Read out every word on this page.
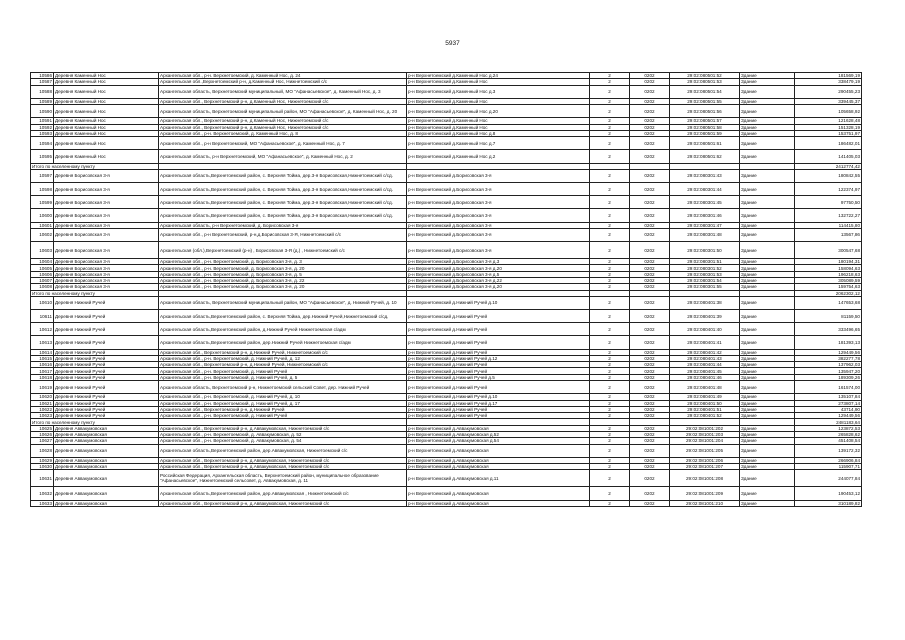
5937
10586	Деревня Каменный Нос	Архангельская обл., р-н. Верхнетоемский, д. Каменный Нос, д. 24	р-н Верхнетоемский д.Каменный Нос д.24	2	0202	29:02:080501:52	Здание	181569,19
10587	Деревня Каменный Нос	Архангельская обл.,Верхнетоемский р-н, д.Каменный Нос, Нижнетоемский с/с	р-н Верхнетоемский д.Каменный Нос	2	0202	29:02:080501:53	Здание	338479,19
10588	Деревня Каменный Нос	Архангельская область, Верхнетоемский муниципальный, МО "Афанасьевское", д. Каменный Нос, д. 3	р-н Верхнетоемский д.Каменный Нос д.3	2	0202	29:02:080501:54	Здание	290455,23
10589	Деревня Каменный Нос	Архангельская обл., Верхнетоемский р-н, д.Каменный Нос, Нижнетоемский с/с	р-н Верхнетоемский д.Каменный Нос	2	0202	29:02:080501:55	Здание	339445,37
10590	Деревня Каменный Нос	Архангельская область, Верхнетоемский муниципальный район, МО "Афанасьевское", д. Каменный Нос, д. 20	р-н Верхнетоемский д.Каменный Нос д.20	2	0202	29:02:080501:56	Здание	105658,92
10591	Деревня Каменный Нос	Архангельская обл., Верхнетоемский р-н, д.Каменный Нос, Нижнетоемский с/с	р-н Верхнетоемский д.Каменный Нос	2	0202	29:02:080501:57	Здание	121628,48
10592	Деревня Каменный Нос	Архангельская обл., Верхнетоемский р-н, д.Каменный Нос, Нижнетоемский с/с	р-н Верхнетоемский д.Каменный Нос	2	0202	29:02:080501:58	Здание	151328,19
10593	Деревня Каменный Нос	Архангельская обл., р-н. Верхнетоемский, д. Каменный Нос, д. 8	р-н Верхнетоемский д.Каменный Нос д.8	2	0202	29:02:080501:59	Здание	153751,97
10594	Деревня Каменный Нос	Архангельская обл., р-н Верхнетоемский, МО "Афанасьевское", д. Каменный Нос, д. 7	р-н Верхнетоемский д.Каменный Нос д.7	2	0202	29:02:080501:61	Здание	186482,01
10595	Деревня Каменный Нос	Архангельская область, р-н Верхнетоемский, МО "Афанасьевское", д. Каменный Нос, д. 2	р-н Верхнетоемский д.Каменный Нос д.2	2	0202	29:02:080501:62	Здание	141405,03
Итого по населенному пункту								2412774,42
10597	Деревня Борисовская 3-я	Архангельская область,Верхнетоемский район, с. Верхняя Тойма, дер.3-я Борисовская,Нижнетоемский с/сд.	р-н Верхнетоемский д.Борисовская 3-я	2	0202	29:02:080301:43	Здание	180842,55
10598	Деревня Борисовская 3-я	Архангельская область,Верхнетоемский район, с. Верхняя Тойма, дер.3-я Борисовская,Нижнетоемский с/сд.	р-н Верхнетоемский д.Борисовская 3-я	2	0202	29:02:080301:44	Здание	122374,97
10599	Деревня Борисовская 3-я	Архангельская область,Верхнетоемский район, с. Верхняя Тойма, дер.3-я Борисовская,Нижнетоемский с/сд.	р-н Верхнетоемский д.Борисовская 3-я	2	0202	29:02:080301:45	Здание	97750,50
10600	Деревня Борисовская 3-я	Архангельская область,Верхнетоемский район, с. Верхняя Тойма, дер.3-я Борисовская,Нижнетоемский с/сд.	р-н Верхнетоемский д.Борисовская 3-я	2	0202	29:02:080301:46	Здание	132722,27
10601	Деревня Борисовская 3-я	Архангельская область, р-н Верхнетоемский, д. Борисовская 3-я	р-н Верхнетоемский д.Борисовская 3-я	2	0202	29:02:080301:47	Здание	114415,80
10602	Деревня Борисовская 3-я	Архангельская обл., р-н Верхнетоемский, р-н,д.Борисовская 3-Я, Нижнетоемский с/с	р-н Верхнетоемский д.Борисовская 3-я	2	0202	29:02:080301:48	Здание	13567,86
10603	Деревня Борисовская 3-я	Архангельская (обл.),Верхнетоемский (р-н) , Борисовская 3-Я (д.) , Нижнетоемский с/с	р-н Верхнетоемский д.Борисовская 3-я	2	0202	29:02:080301:50	Здание	300547,68
10604	Деревня Борисовская 3-я	Архангельская обл., р-н. Верхнетоемский, д. Борисовская 3-я, д. 3	р-н Верхнетоемский д.Борисовская 3-я д.3	2	0202	29:02:080301:51	Здание	180194,31
10605	Деревня Борисовская 3-я	Архангельская обл., р-н. Верхнетоемский, д. Борисовская 3-я, д. 20	р-н Верхнетоемский д.Борисовская 3-я д.20	2	0202	29:02:080301:52	Здание	158094,63
10606	Деревня Борисовская 3-я	Архангельская обл., р-н. Верхнетоемский, д. Борисовская 3-я, д. 5	р-н Верхнетоемский д.Борисовская 3-я д.5	2	0202	29:02:080301:53	Здание	196218,63
10607	Деревня Борисовская 3-я	Архангельская обл., р-н. Верхнетоемский, д. Борисовская 3-я, д. 22	р-н Верхнетоемский д.Борисовская 3-я д.22	2	0202	29:02:080301:54	Здание	305089,59
10608	Деревня Борисовская 3-я	Архангельская обл., р-н. Верхнетоемский, д. Борисовская 3-я, д. 20	р-н Верхнетоемский д.Борисовская 3-я д.20	2	0202	29:02:080301:55	Здание	159754,63
Итого по населенному пункту								2062302,12
10610	Деревня Нижний Ручей	Архангельская область, Верхнетоемский муниципальный район, МО "Афанасьевское", д. Нижний Ручей, д. 10	р-н Верхнетоемский д.Нижний Ручей д.10	2	0202	29:02:080401:38	Здание	147653,68
10611	Деревня Нижний Ручей	Архангельская область,Верхнетоемский район, с. Верхняя Тойма, дер.Нижний Ручей,Нижнетоемский с/сд.	р-н Верхнетоемский д.Нижний Ручей	2	0202	29:02:080401:39	Здание	81159,50
10612	Деревня Нижний Ручей	Архангельская область,Верхнетоемский район, д.Нижний Ручей Нижнетоемская с/адм	р-н Верхнетоемский д.Нижний Ручей	2	0202	29:02:080401:40	Здание	333496,65
10613	Деревня Нижний Ручей	Архангельская область,Верхнетоемский район, дер.Нижний Ручей Нижнетоемская с/адм	р-н Верхнетоемский д.Нижний Ручей	2	0202	29:02:080401:41	Здание	181393,13
10614	Деревня Нижний Ручей	Архангельская обл., Верхнетоемский р-н, д.Нижний Ручей, Нижнетоемский с/с	р-н Верхнетоемский д.Нижний Ручей	2	0202	29:02:080401:42	Здание	129449,56
10615	Деревня Нижний Ручей	Архангельская обл., р-н. Верхнетоемский, д. Нижний Ручей, д. 12	р-н Верхнетоемский д.Нижний Ручей д.12	2	0202	29:02:080401:43	Здание	382277,78
10616	Деревня Нижний Ручей	Архангельская обл., Верхнетоемский р-н, д.Нижний Ручей, Нижнетоемский с/с	р-н Верхнетоемский д.Нижний Ручей	2	0202	29:02:080401:44	Здание	137962,03
10617	Деревня Нижний Ручей	Архангельская обл., р-н. Верхнетоемский, д. Нижний Ручей	р-н Верхнетоемский д.Нижний Ручей	2	0202	29:02:080401:45	Здание	135947,20
10618	Деревня Нижний Ручей	Архангельская обл., р-н. Верхнетоемский, д. Нижний Ручей, д. 5	р-н Верхнетоемский д.Нижний Ручей д.5	2	0202	29:02:080401:46	Здание	189309,26
10619	Деревня Нижний Ручей	Архангельская область, Верхнетоемский р-н, Нижнетоемский сельский Совет, дер. Нижний Ручей	р-н Верхнетоемский д.Нижний Ручей	2	0202	29:02:080401:48	Здание	161574,00
10620	Деревня Нижний Ручей	Архангельская обл., р-н. Верхнетоемский, д. Нижний Ручей, д. 10	р-н Верхнетоемский д.Нижний Ручей д.10	2	0202	29:02:080401:49	Здание	135107,84
10621	Деревня Нижний Ручей	Архангельская обл., р-н. Верхнетоемский, д. Нижний Ручей, д. 17	р-н Верхнетоемский д.Нижний Ручей д.17	2	0202	29:02:080401:50	Здание	273807,14
10622	Деревня Нижний Ручей	Архангельская обл., Верхнетоемский р-н, д.Нижний Ручей	р-н Верхнетоемский д.Нижний Ручей	2	0202	29:02:080401:51	Здание	43714,90
10623	Деревня Нижний Ручей	Архангельская обл., р-н. Верхнетоемский, д. Нижний Ручей	р-н Верхнетоемский д.Нижний Ручей	2	0202	29:02:080401:52	Здание	129449,56
Итого по населенному пункту								2481183,64
10625	Деревня Аввакумовская	Архангельская обл., Верхнетоемский р-н, д.Аввакумовская, Нижнетоемский с/с	р-н Верхнетоемский д.Аввакумовская	2	0202	29:02:081001:202	Здание	123872,53
10626	Деревня Аввакумовская	Архангельская обл., р-н. Верхнетоемский, д. Аввакумовская, д. 52	р-н Верхнетоемский д.Аввакумовская д.52	2	0202	29:02:081001:203	Здание	265828,62
10627	Деревня Аввакумовская	Архангельская обл., р-н. Верхнетоемский, д. Аввакумовская, д. 54	р-н Верхнетоемский д.Аввакумовская д.54	2	0202	29:02:081001:204	Здание	451408,54
10628	Деревня Аввакумовская	Архангельская область,Верхнетоемский район, дер.Аввакумовская, Нижнетоемский с/с	р-н Верхнетоемский д.Аввакумовская	2	0202	29:02:081001:205	Здание	139172,32
10629	Деревня Аввакумовская	Архангельская обл., Верхнетоемский р-н, д.Аввакумовская, Нижнетоемский с/с	р-н Верхнетоемский д.Аввакумовская	2	0202	29:02:081001:206	Здание	266906,84
10630	Деревня Аввакумовская	Архангельская обл., Верхнетоемский р-н, д.Аввакумовская, Нижнетоемский с/с	р-н Верхнетоемский д.Аввакумовская	2	0202	29:02:081001:207	Здание	115907,71
10631	Деревня Аввакумовская	Российская Федерация, Архангельская область, Верхнетоемский район, муниципальное образование "Афанасьевское", Нижнетоемский сельсовет, д. Аввакумовская, д. 11	р-н Верхнетоемский д.Аввакумовская д.11	2	0202	29:02:081001:208	Здание	244077,84
10632	Деревня Аввакумовская	Архангельская область,Верхнетоемский район, дер.Аввакумовская , Нижнетоемский с/с	р-н Верхнетоемский д.Аввакумовская	2	0202	29:02:081001:209	Здание	190453,12
10633	Деревня Аввакумовская	Архангельская обл., Верхнетоемский р-н, д.Аввакумовская, Нижнетоемский с/с	р-н Верхнетоемский д.Аввакумовская	2	0202	29:02:081001:210	Здание	310189,82
